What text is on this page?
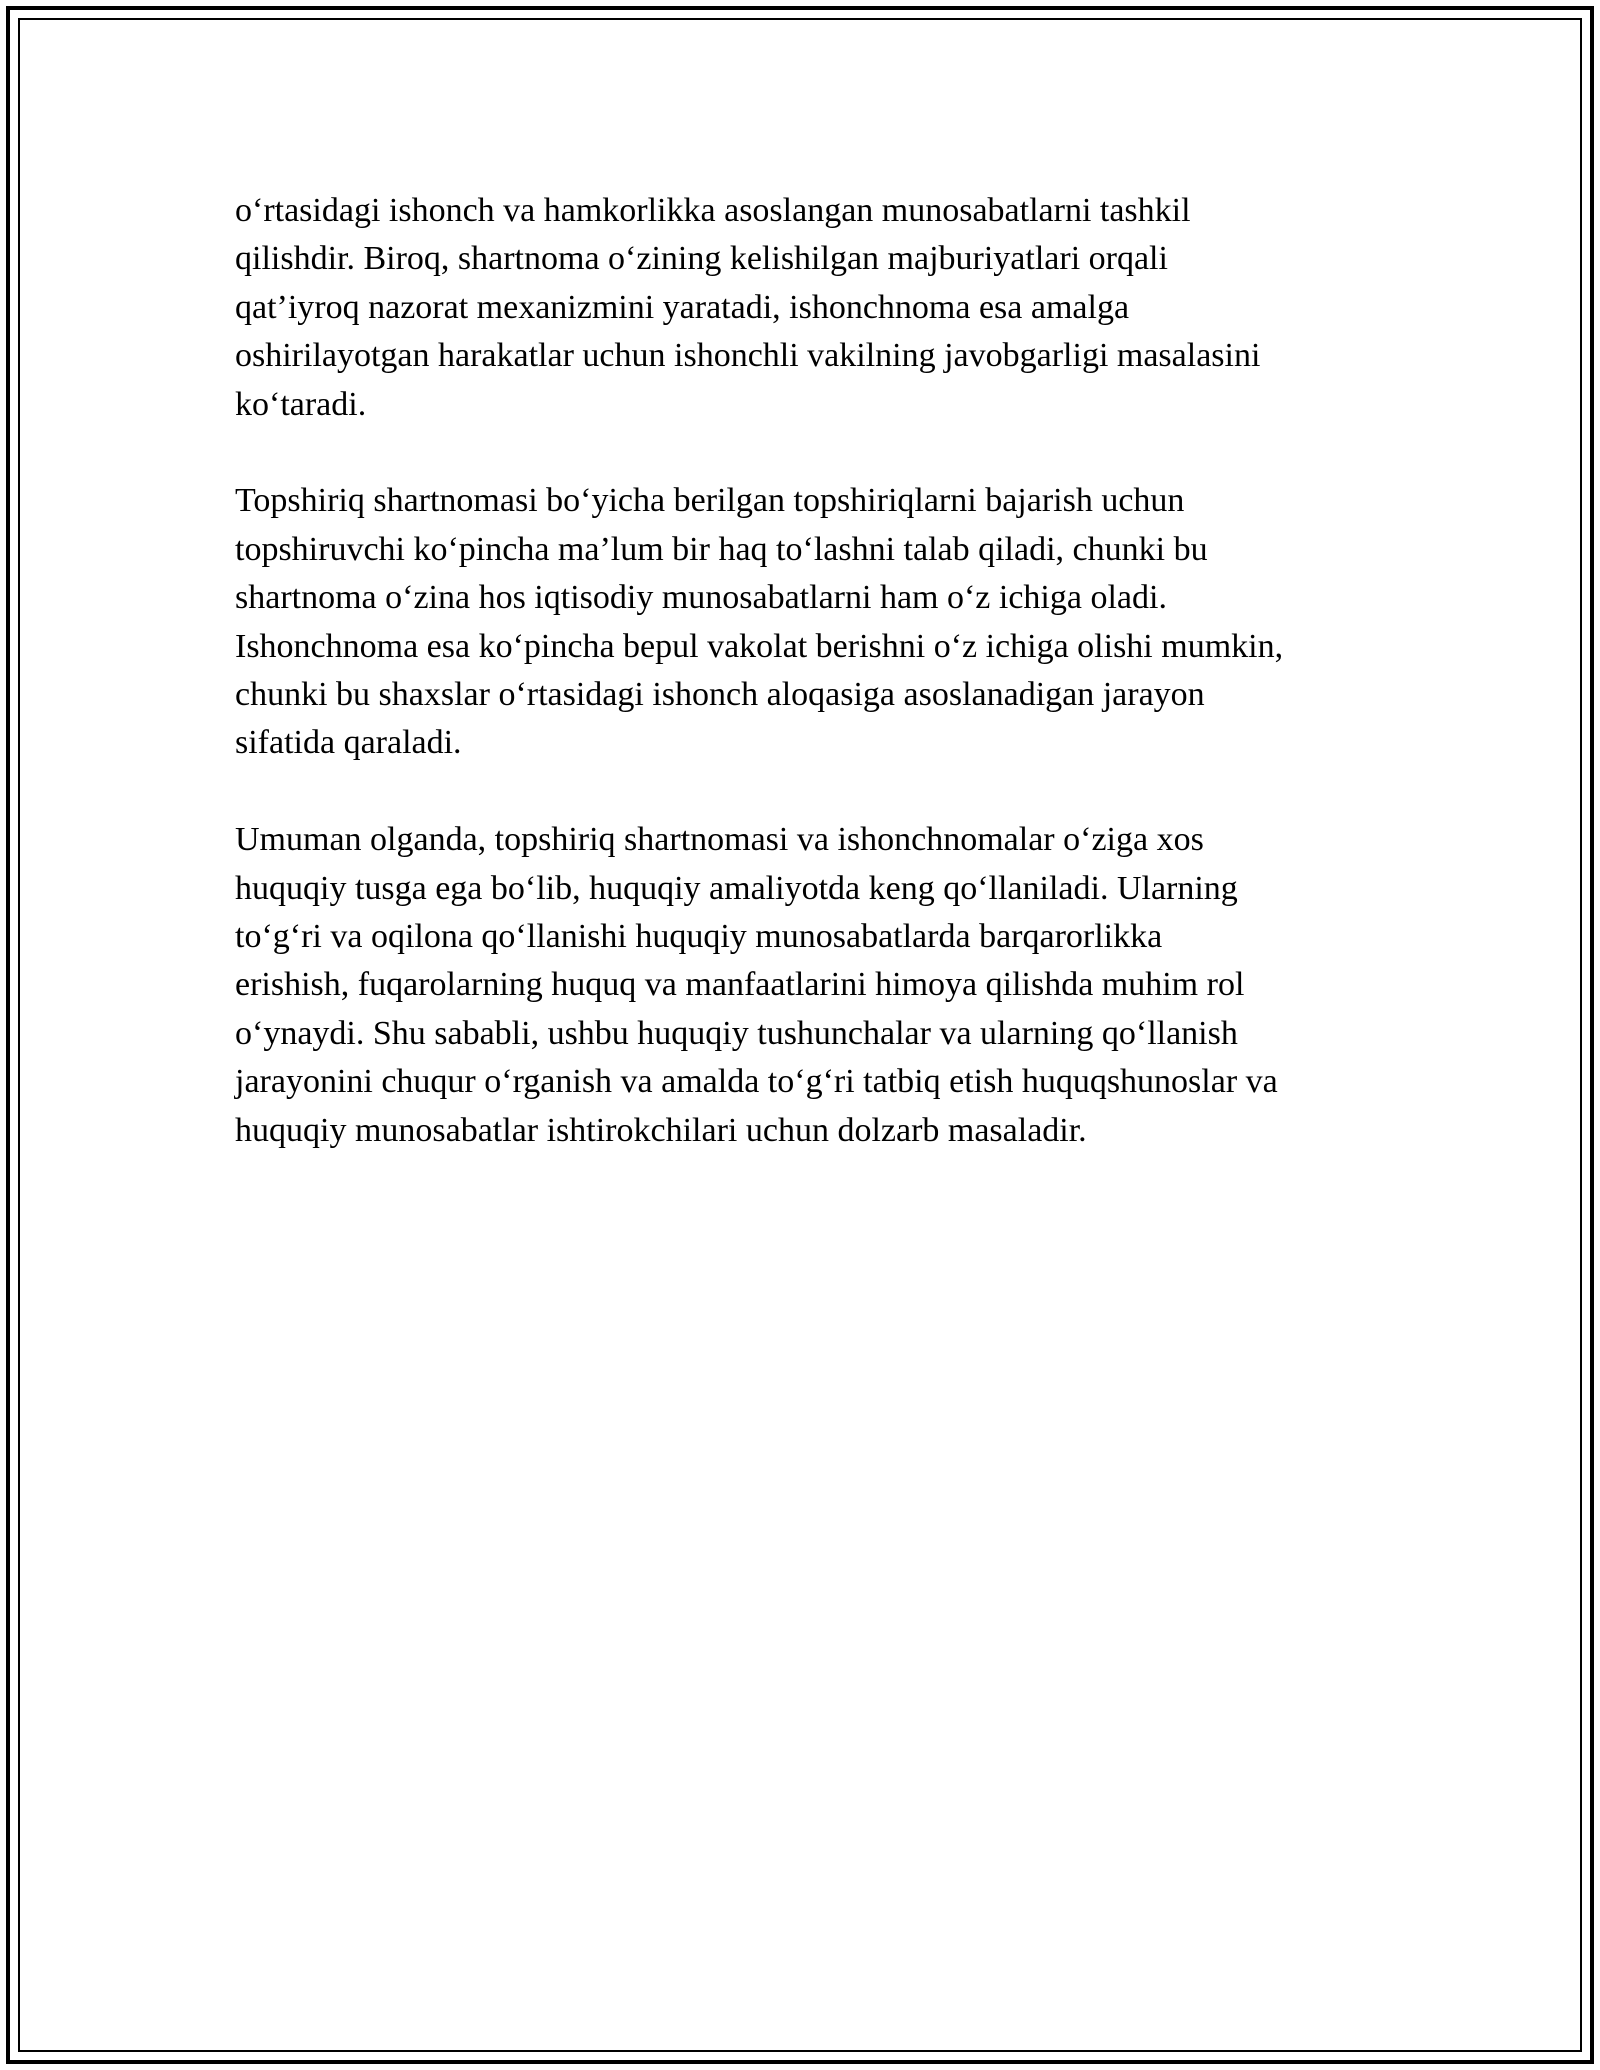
o‘rtasidagi ishonch va hamkorlikka asoslangan munosabatlarni tashkil
qilishdir. Biroq, shartnoma o‘zining kelishilgan majburiyatlari orqali
qat’iyroq nazorat mexanizmini yaratadi, ishonchnoma esa amalga
oshirilayotgan harakatlar uchun ishonchli vakilning javobgarligi masalasini
ko‘taradi.
Topshiriq shartnomasi bo‘yicha berilgan topshiriqlarni bajarish uchun
topshiruvchi ko‘pincha ma’lum bir haq to‘lashni talab qiladi, chunki bu
shartnoma o‘zina hos iqtisodiy munosabatlarni ham o‘z ichiga oladi.
Ishonchnoma esa ko‘pincha bepul vakolat berishni o‘z ichiga olishi mumkin,
chunki bu shaxslar o‘rtasidagi ishonch aloqasiga asoslanadigan jarayon
sifatida qaraladi.
Umuman olganda, topshiriq shartnomasi va ishonchnomalar o‘ziga xos
huquqiy tusga ega bo‘lib, huquqiy amaliyotda keng qo‘llaniladi. Ularning
to‘g‘ri va oqilona qo‘llanishi huquqiy munosabatlarda barqarorlikka
erishish, fuqarolarning huquq va manfaatlarini himoya qilishda muhim rol
o‘ynaydi. Shu sababli, ushbu huquqiy tushunchalar va ularning qo‘llanish
jarayonini chuqur o‘rganish va amalda to‘g‘ri tatbiq etish huquqshunoslar va
huquqiy munosabatlar ishtirokchilari uchun dolzarb masaladir.
